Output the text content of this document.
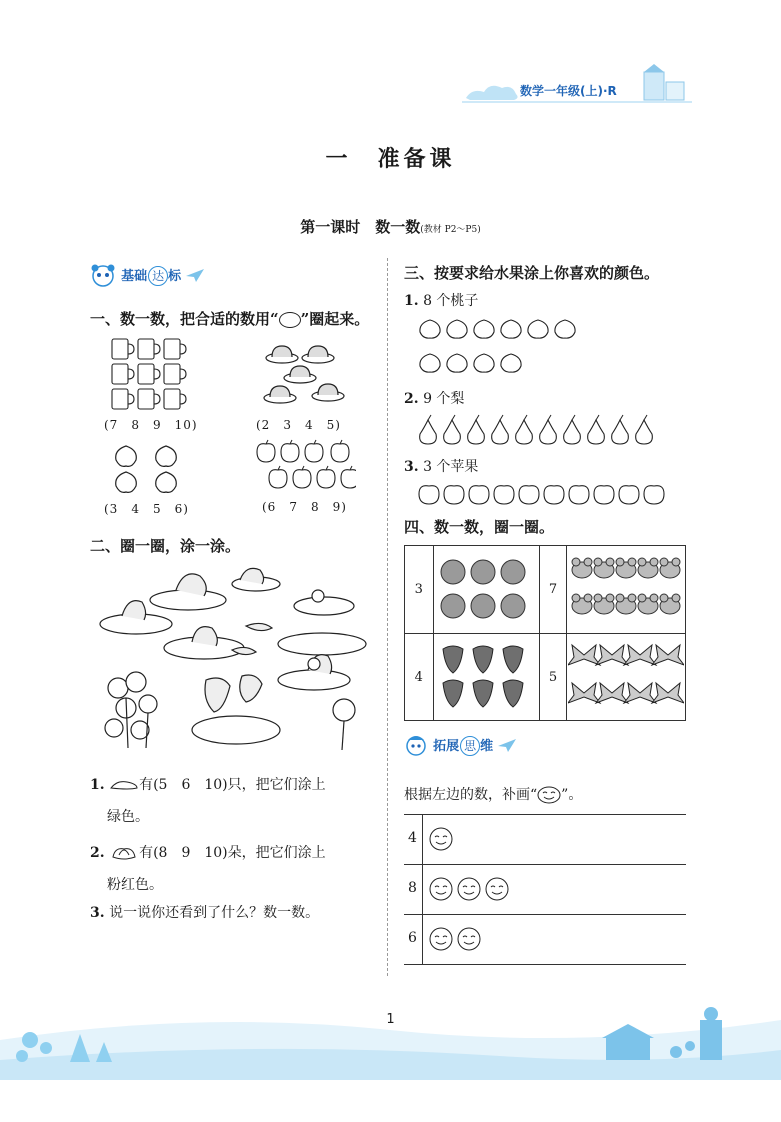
数学一年级(上)·R
一　准备课
第一课时　数一数(教材 P2～P5)
基础 达 标
一、数一数，把合适的数用“ ”圈起来。
(7　8　9　10)	(2　3　4　5)
(3　4　5　6)	(6　7　8　9)
二、圈一圈，涂一涂。
1. 有(5　6　10)只，把它们涂上
绿色。
2. 有(8　9　10)朵，把它们涂上
粉红色。
3. 说一说你还看到了什么？数一数。
三、按要求给水果涂上你喜欢的颜色。
1. 8 个桃子
2. 9 个梨
3. 3 个苹果
四、数一数，圈一圈。
3		7	
4		5	
拓展 思 维
根据左边的数，补画“ ”。
4
8
6
1
